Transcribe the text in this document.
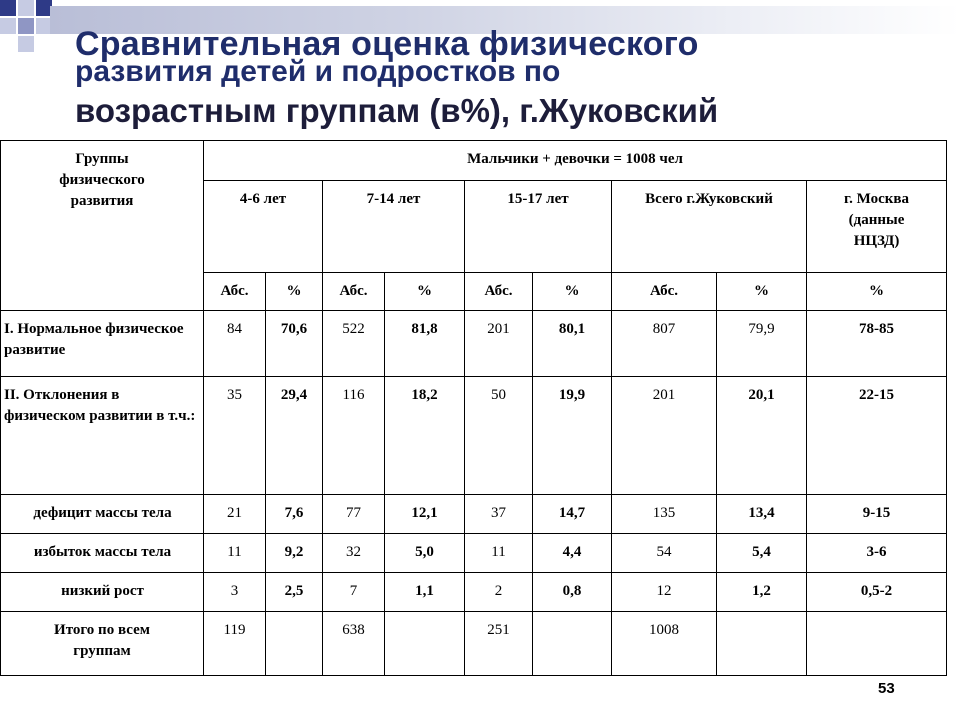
Сравнительная оценка физического
развития детей и подростков по
возрастным группам (в%), г.Жуковский
Группы физического развития	Мальчики + девочки = 1008 чел								
	4-6 лет		7-14 лет		15-17 лет		Всего г.Жуковский		г. Москва (данные НЦЗД)
	Абс.	%	Абс.	%	Абс.	%	Абс.	%	%
I. Нормальное физическое развитие	84	70,6	522	81,8	201	80,1	807	79,9	78-85
II. Отклонения в физическом развитии в т.ч.:	35	29,4	116	18,2	50	19,9	201	20,1	22-15
дефицит массы тела	21	7,6	77	12,1	37	14,7	135	13,4	9-15
избыток массы тела	11	9,2	32	5,0	11	4,4	54	5,4	3-6
низкий рост	3	2,5	7	1,1	2	0,8	12	1,2	0,5-2
Итого по всем группам	119		638		251		1008		
53
